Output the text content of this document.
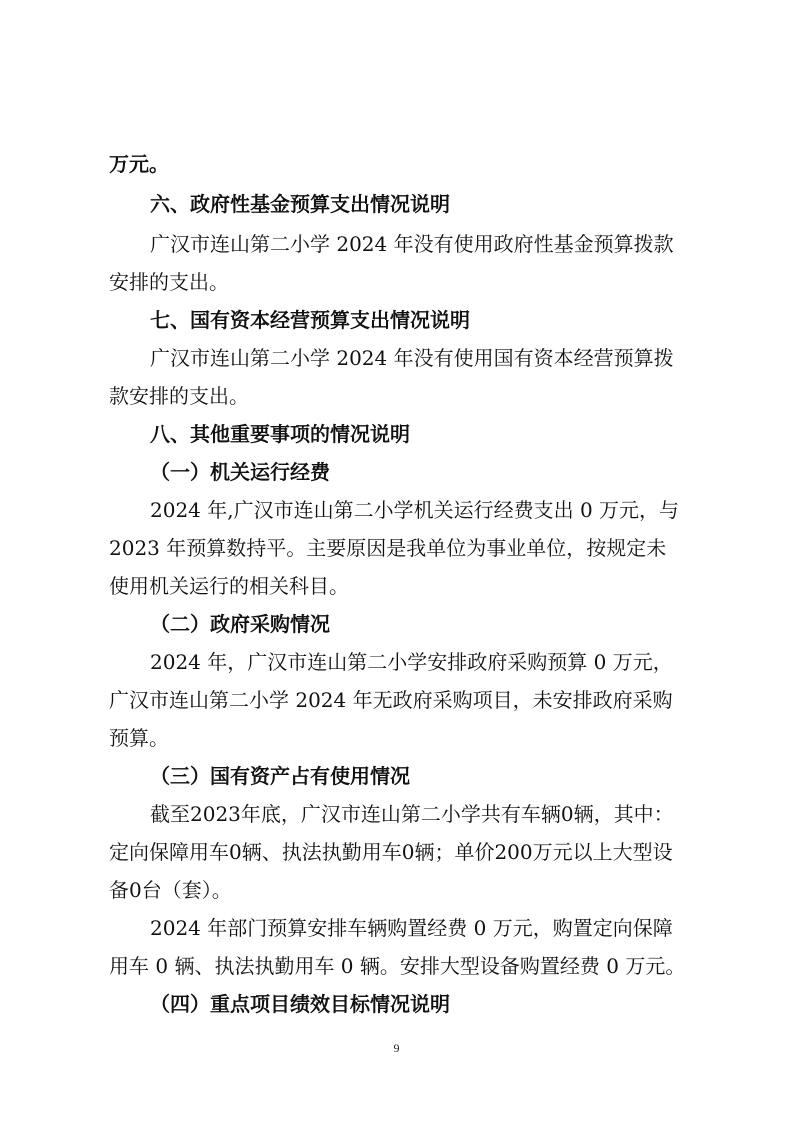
万元。
六、政府性基金预算支出情况说明
广汉市连山第二小学 2024 年没有使用政府性基金预算拨款
安排的支出。
七、国有资本经营预算支出情况说明
广汉市连山第二小学 2024 年没有使用国有资本经营预算拨
款安排的支出。
八、其他重要事项的情况说明
（一）机关运行经费
2024 年,广汉市连山第二小学机关运行经费支出 0 万元，与
2023 年预算数持平。主要原因是我单位为事业单位，按规定未
使用机关运行的相关科目。
（二）政府采购情况
2024 年，广汉市连山第二小学安排政府采购预算 0 万元，
广汉市连山第二小学 2024 年无政府采购项目，未安排政府采购
预算。
（三）国有资产占有使用情况
截至2023年底，广汉市连山第二小学共有车辆0辆，其中：
定向保障用车0辆、执法执勤用车0辆；单价200万元以上大型设
备0台（套）。
2024 年部门预算安排车辆购置经费 0 万元，购置定向保障
用车 0 辆、执法执勤用车 0 辆。安排大型设备购置经费 0 万元。
（四）重点项目绩效目标情况说明
9
